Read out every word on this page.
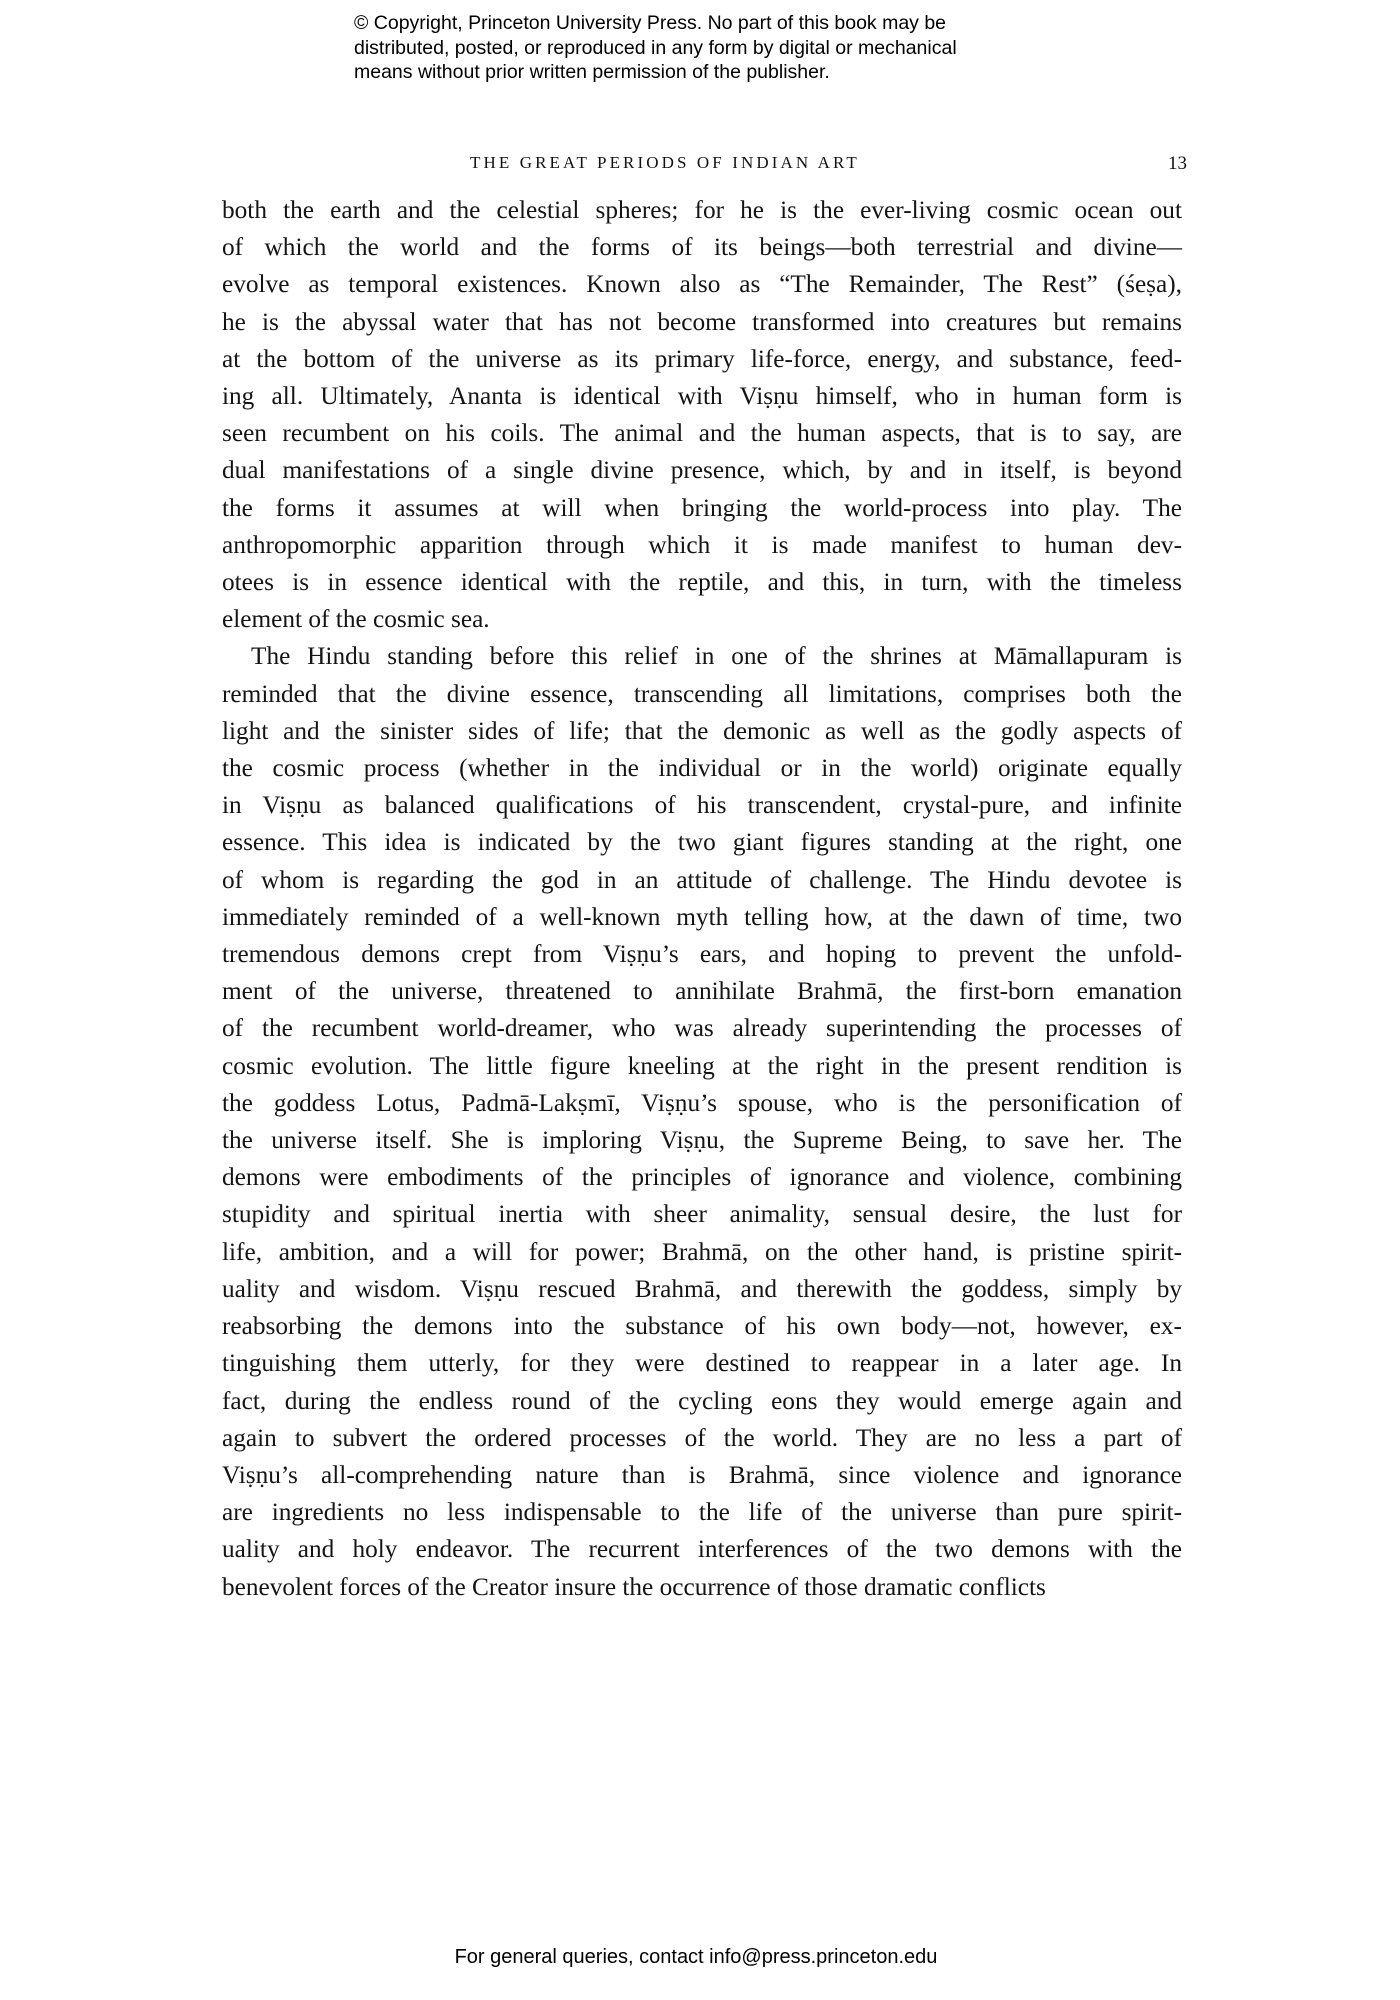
© Copyright, Princeton University Press. No part of this book may be
distributed, posted, or reproduced in any form by digital or mechanical
means without prior written permission of the publisher.
THE GREAT PERIODS OF INDIAN ART	13

both the earth and the celestial spheres; for he is the ever-living cosmic ocean out
of which the world and the forms of its beings—both terrestrial and divine—
evolve as temporal existences. Known also as “The Remainder, The Rest” (śeṣa),
he is the abyssal water that has not become transformed into creatures but remains
at the bottom of the universe as its primary life-force, energy, and substance, feed-
ing all. Ultimately, Ananta is identical with Viṣṇu himself, who in human form is
seen recumbent on his coils. The animal and the human aspects, that is to say, are
dual manifestations of a single divine presence, which, by and in itself, is beyond
the forms it assumes at will when bringing the world-process into play. The
anthropomorphic apparition through which it is made manifest to human dev-
otees is in essence identical with the reptile, and this, in turn, with the timeless
element of the cosmic sea.

The Hindu standing before this relief in one of the shrines at Māmallapuram is
reminded that the divine essence, transcending all limitations, comprises both the
light and the sinister sides of life; that the demonic as well as the godly aspects of
the cosmic process (whether in the individual or in the world) originate equally
in Viṣṇu as balanced qualifications of his transcendent, crystal-pure, and infinite
essence. This idea is indicated by the two giant figures standing at the right, one
of whom is regarding the god in an attitude of challenge. The Hindu devotee is
immediately reminded of a well-known myth telling how, at the dawn of time, two
tremendous demons crept from Viṣṇu’s ears, and hoping to prevent the unfold-
ment of the universe, threatened to annihilate Brahmā, the first-born emanation
of the recumbent world-dreamer, who was already superintending the processes of
cosmic evolution. The little figure kneeling at the right in the present rendition is
the goddess Lotus, Padmā-Lakṣmī, Viṣṇu’s spouse, who is the personification of
the universe itself. She is imploring Viṣṇu, the Supreme Being, to save her. The
demons were embodiments of the principles of ignorance and violence, combining
stupidity and spiritual inertia with sheer animality, sensual desire, the lust for
life, ambition, and a will for power; Brahmā, on the other hand, is pristine spirit-
uality and wisdom. Viṣṇu rescued Brahmā, and therewith the goddess, simply by
reabsorbing the demons into the substance of his own body—not, however, ex-
tinguishing them utterly, for they were destined to reappear in a later age. In
fact, during the endless round of the cycling eons they would emerge again and
again to subvert the ordered processes of the world. They are no less a part of
Viṣṇu’s all-comprehending nature than is Brahmā, since violence and ignorance
are ingredients no less indispensable to the life of the universe than pure spirit-
uality and holy endeavor. The recurrent interferences of the two demons with the
benevolent forces of the Creator insure the occurrence of those dramatic conflicts

For general queries, contact info@press.princeton.edu
